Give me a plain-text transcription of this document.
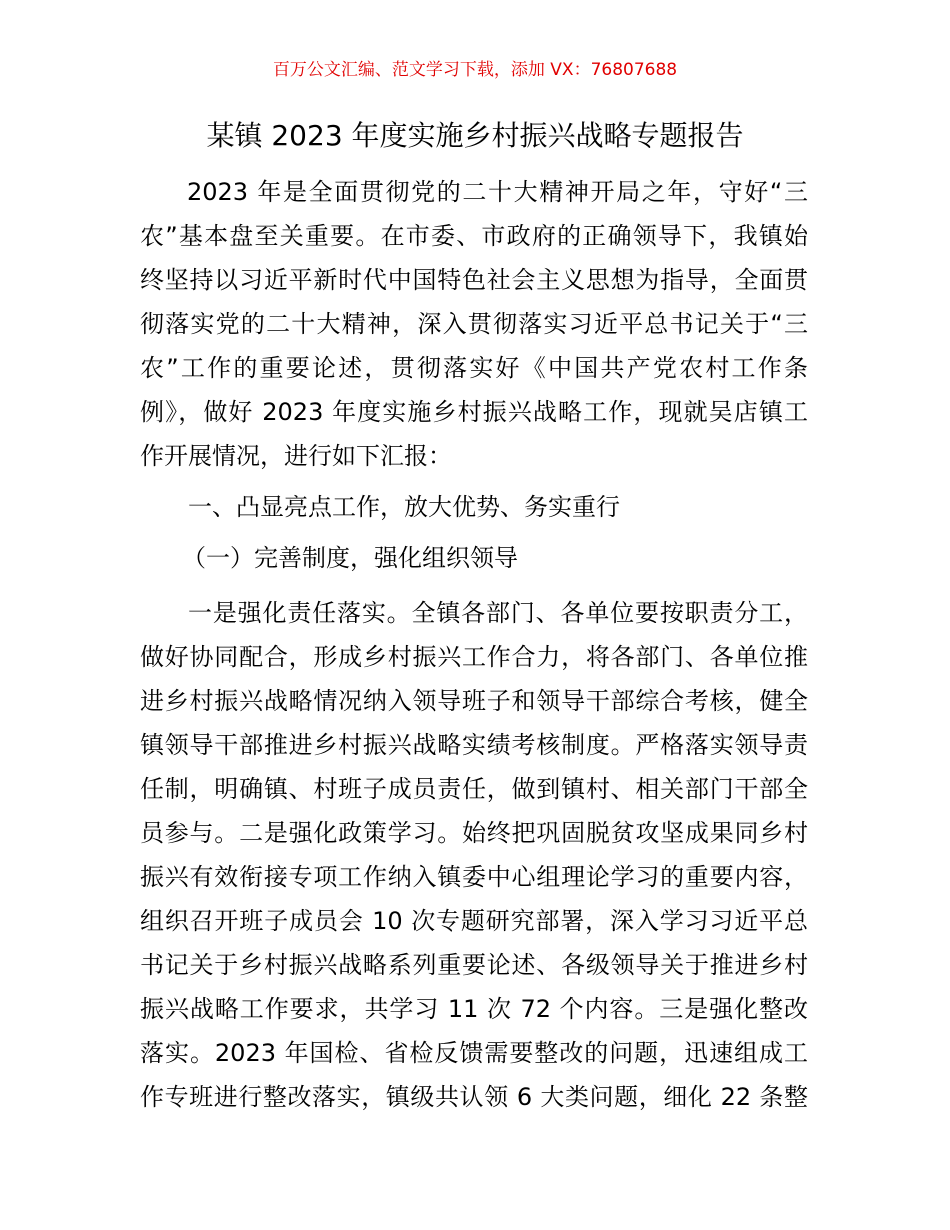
百万公文汇编、范文学习下载，添加 VX：76807688
某镇 2023 年度实施乡村振兴战略专题报告
2023 年是全面贯彻党的二十大精神开局之年，守好“三
农”基本盘至关重要。在市委、市政府的正确领导下，我镇始
终坚持以习近平新时代中国特色社会主义思想为指导，全面贯
彻落实党的二十大精神，深入贯彻落实习近平总书记关于“三
农”工作的重要论述，贯彻落实好《中国共产党农村工作条
例》，做好 2023 年度实施乡村振兴战略工作，现就吴店镇工
作开展情况，进行如下汇报：
一、凸显亮点工作，放大优势、务实重行
（一）完善制度，强化组织领导
一是强化责任落实。全镇各部门、各单位要按职责分工，
做好协同配合，形成乡村振兴工作合力，将各部门、各单位推
进乡村振兴战略情况纳入领导班子和领导干部综合考核，健全
镇领导干部推进乡村振兴战略实绩考核制度。严格落实领导责
任制，明确镇、村班子成员责任，做到镇村、相关部门干部全
员参与。二是强化政策学习。始终把巩固脱贫攻坚成果同乡村
振兴有效衔接专项工作纳入镇委中心组理论学习的重要内容，
组织召开班子成员会 10 次专题研究部署，深入学习习近平总
书记关于乡村振兴战略系列重要论述、各级领导关于推进乡村
振兴战略工作要求，共学习 11 次 72 个内容。三是强化整改
落实。2023 年国检、省检反馈需要整改的问题，迅速组成工
作专班进行整改落实，镇级共认领 6 大类问题，细化 22 条整
